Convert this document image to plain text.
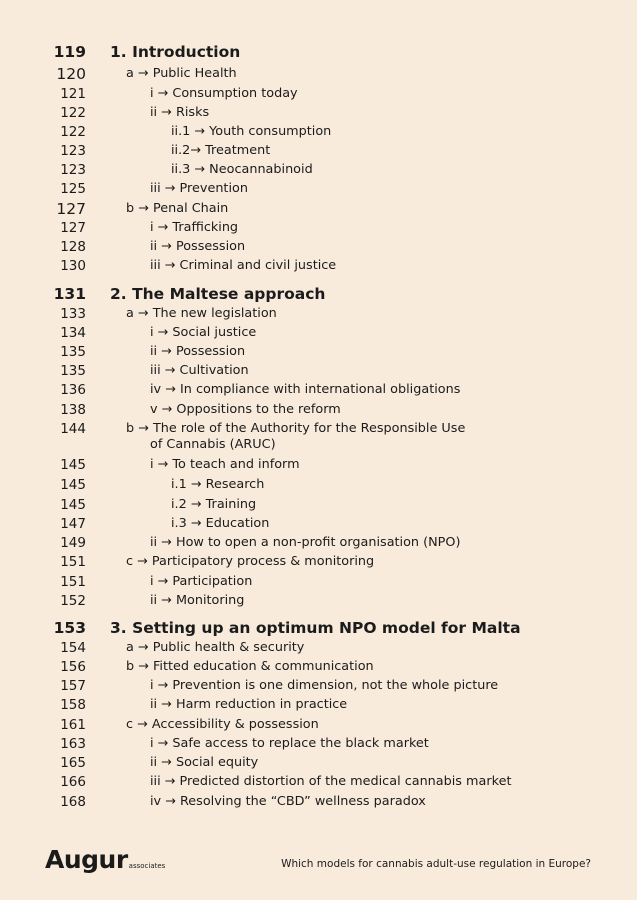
119 1. Introduction
120	a → Public Health
121	i → Consumption today
122	ii → Risks
122	ii.1 → Youth consumption
123	ii.2→ Treatment
123	ii.3 → Neocannabinoid
125	iii → Prevention
127	b → Penal Chain
127	i → Trafficking
128	ii → Possession
130	iii → Criminal and civil justice
131 2. The Maltese approach
133	a → The new legislation
134	i → Social justice
135	ii → Possession
135	iii → Cultivation
136	iv → In compliance with international obligations
138	v → Oppositions to the reform
144	b → The role of the Authority for the Responsible Use
of Cannabis (ARUC)
145	i → To teach and inform
145	i.1 → Research
145	i.2 → Training
147	i.3 → Education
149	ii → How to open a non-profit organisation (NPO)
151	c → Participatory process & monitoring
151	i → Participation
152	ii → Monitoring
153 3. Setting up an optimum NPO model for Malta
154	a → Public health & security
156	b → Fitted education & communication
157	i → Prevention is one dimension, not the whole picture
158	ii → Harm reduction in practice
161	c → Accessibility & possession
163	i → Safe access to replace the black market
165	ii → Social equity
166	iii → Predicted distortion of the medical cannabis market
168	iv → Resolving the “CBD” wellness paradox
Augurassociates	Which models for cannabis adult-use regulation in Europe?
